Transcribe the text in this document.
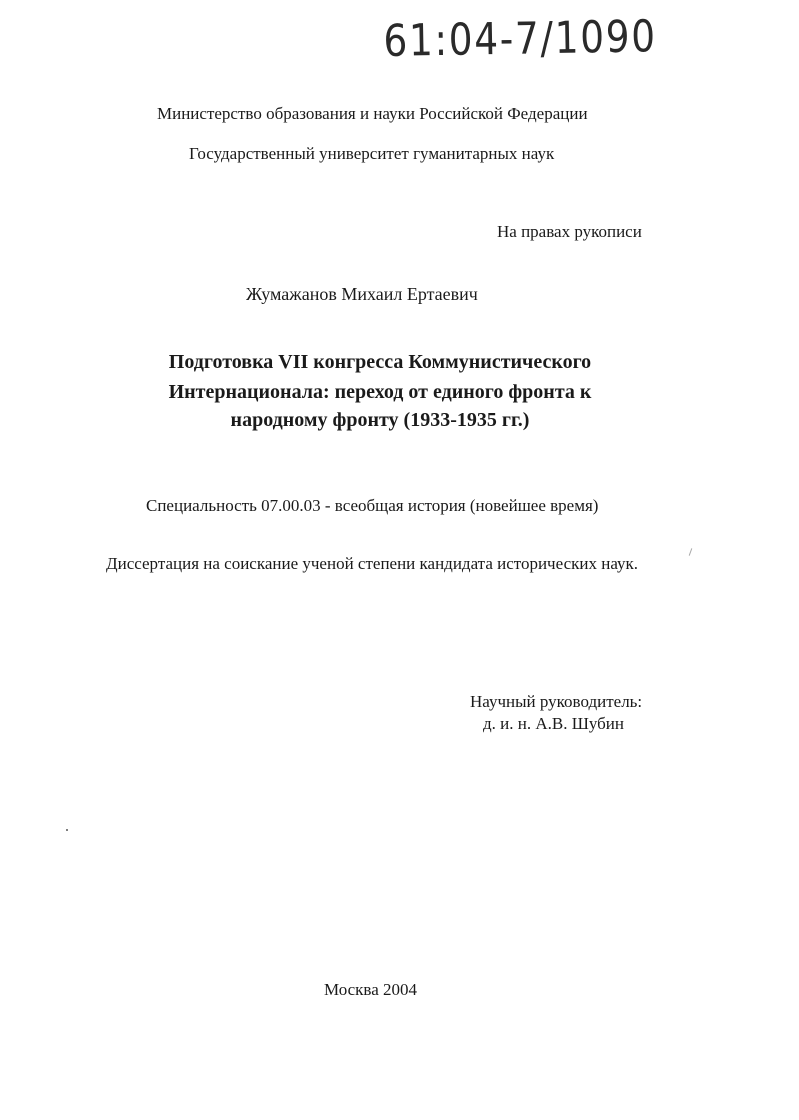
61:04-7/1090
Министерство образования и науки Российской Федерации
Государственный университет гуманитарных наук
На правах рукописи
Жумажанов Михаил Ертаевич
Подготовка VII конгресса Коммунистического
Интернационала: переход от единого фронта к
народному фронту (1933-1935 гг.)
Специальность 07.00.03 - всеобщая история (новейшее время)
Диссертация на соискание ученой степени кандидата исторических наук.
Научный руководитель:
д. и. н. А.В. Шубин
Москва 2004
